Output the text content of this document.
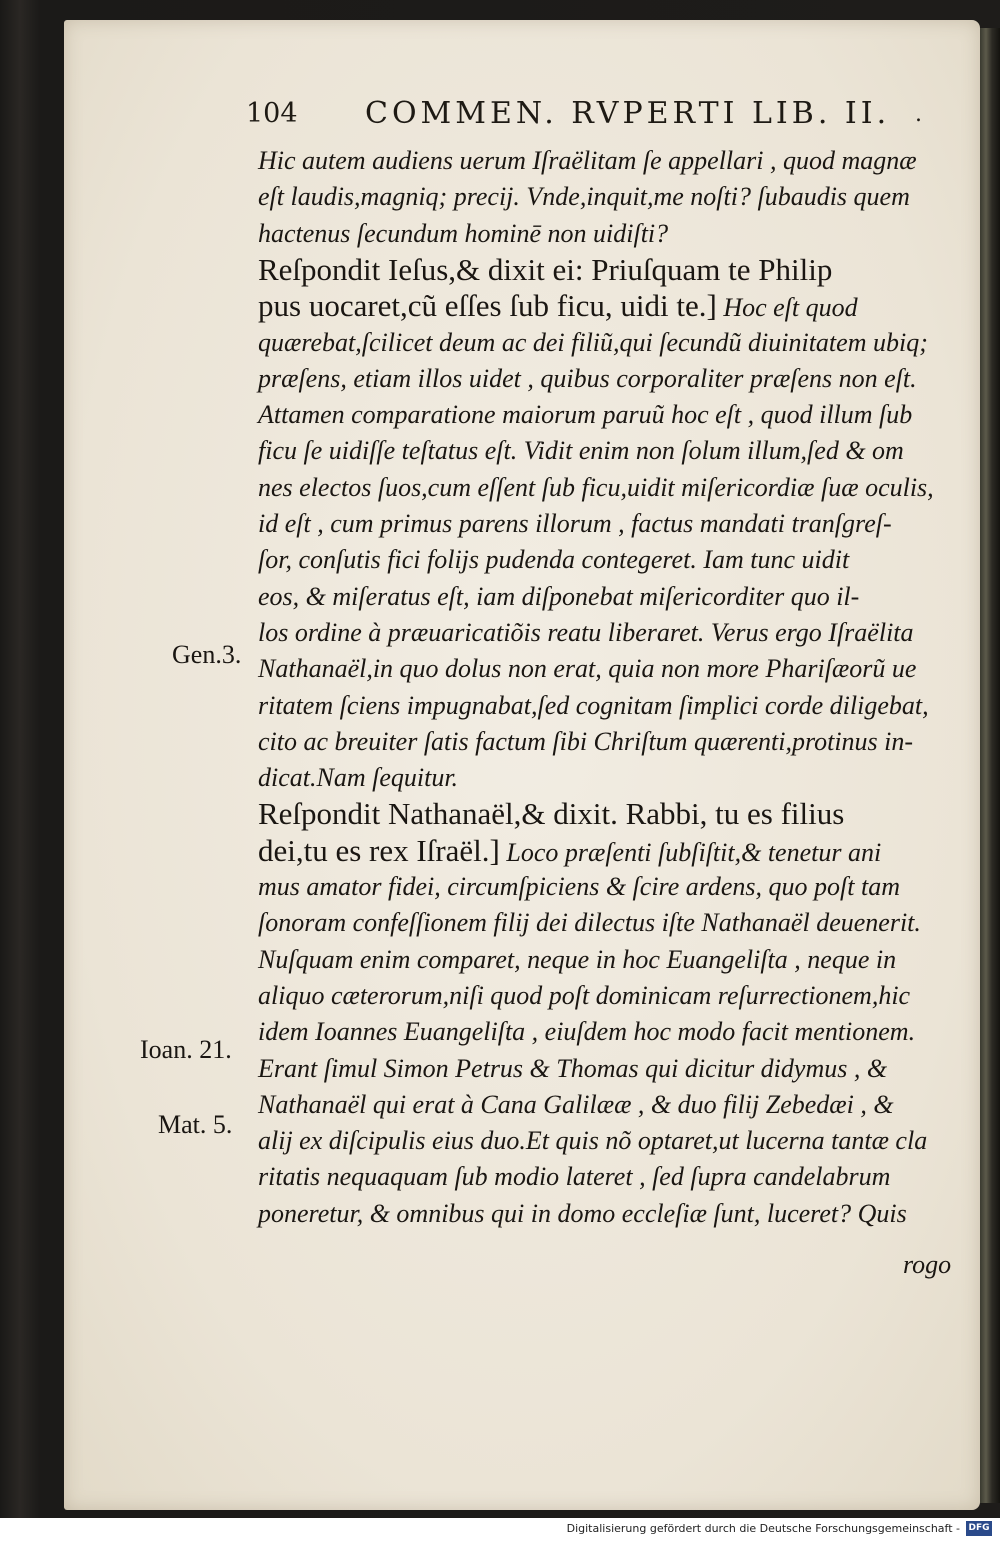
104 COMMEN. RVPERTI LIB. II. .
Hic autem audiens uerum Iſraëlitam ſe appellari , quod magnæ
eſt laudis,magniq; precij. Vnde,inquit,me noſti? ſubaudis quem
hactenus ſecundum hominē non uidiſti?
Reſpondit Ieſus,& dixit ei: Priuſquam te Philip
pus uocaret,cũ eſſes ſub ficu, uidi te.] Hoc eſt quod
quærebat,ſcilicet deum ac dei filiũ,qui ſecundũ diuinitatem ubiq;
præſens, etiam illos uidet , quibus corporaliter præſens non eſt.
Attamen comparatione maiorum paruũ hoc eſt , quod illum ſub
ficu ſe uidiſſe teſtatus eſt. Vidit enim non ſolum illum,ſed & om
nes electos ſuos,cum eſſent ſub ficu,uidit miſericordiæ ſuæ oculis,
id eſt , cum primus parens illorum , factus mandati tranſgreſ-
ſor, conſutis fici folijs pudenda contegeret. Iam tunc uidit
eos, & miſeratus eſt, iam diſponebat miſericorditer quo il-
los ordine à præuaricatiõis reatu liberaret. Verus ergo Iſraëlita
Nathanaël,in quo dolus non erat, quia non more Phariſæorũ ue
ritatem ſciens impugnabat,ſed cognitam ſimplici corde diligebat,
cito ac breuiter ſatis factum ſibi Chriſtum quærenti,protinus in-
dicat.Nam ſequitur.
Reſpondit Nathanaël,& dixit. Rabbi, tu es filius
dei,tu es rex Iſraël.] Loco præſenti ſubſiſtit,& tenetur ani
mus amator fidei, circumſpiciens & ſcire ardens, quo poſt tam
ſonoram confeſſionem filij dei dilectus iſte Nathanaël deuenerit.
Nuſquam enim comparet, neque in hoc Euangeliſta , neque in
aliquo cæterorum,niſi quod poſt dominicam reſurrectionem,hic
idem Ioannes Euangeliſta , eiuſdem hoc modo facit mentionem.
Erant ſimul Simon Petrus & Thomas qui dicitur didymus , &
Nathanaël qui erat à Cana Galilææ , & duo filij Zebedæi , &
alij ex diſcipulis eius duo.Et quis nõ optaret,ut lucerna tantæ cla
ritatis nequaquam ſub modio lateret , ſed ſupra candelabrum
poneretur, & omnibus qui in domo eccleſiæ ſunt, luceret? Quis
Gen.3.
Ioan. 21.
Mat. 5.
rogo
Digitalisierung gefördert durch die Deutsche Forschungsgemeinschaft - DFG
